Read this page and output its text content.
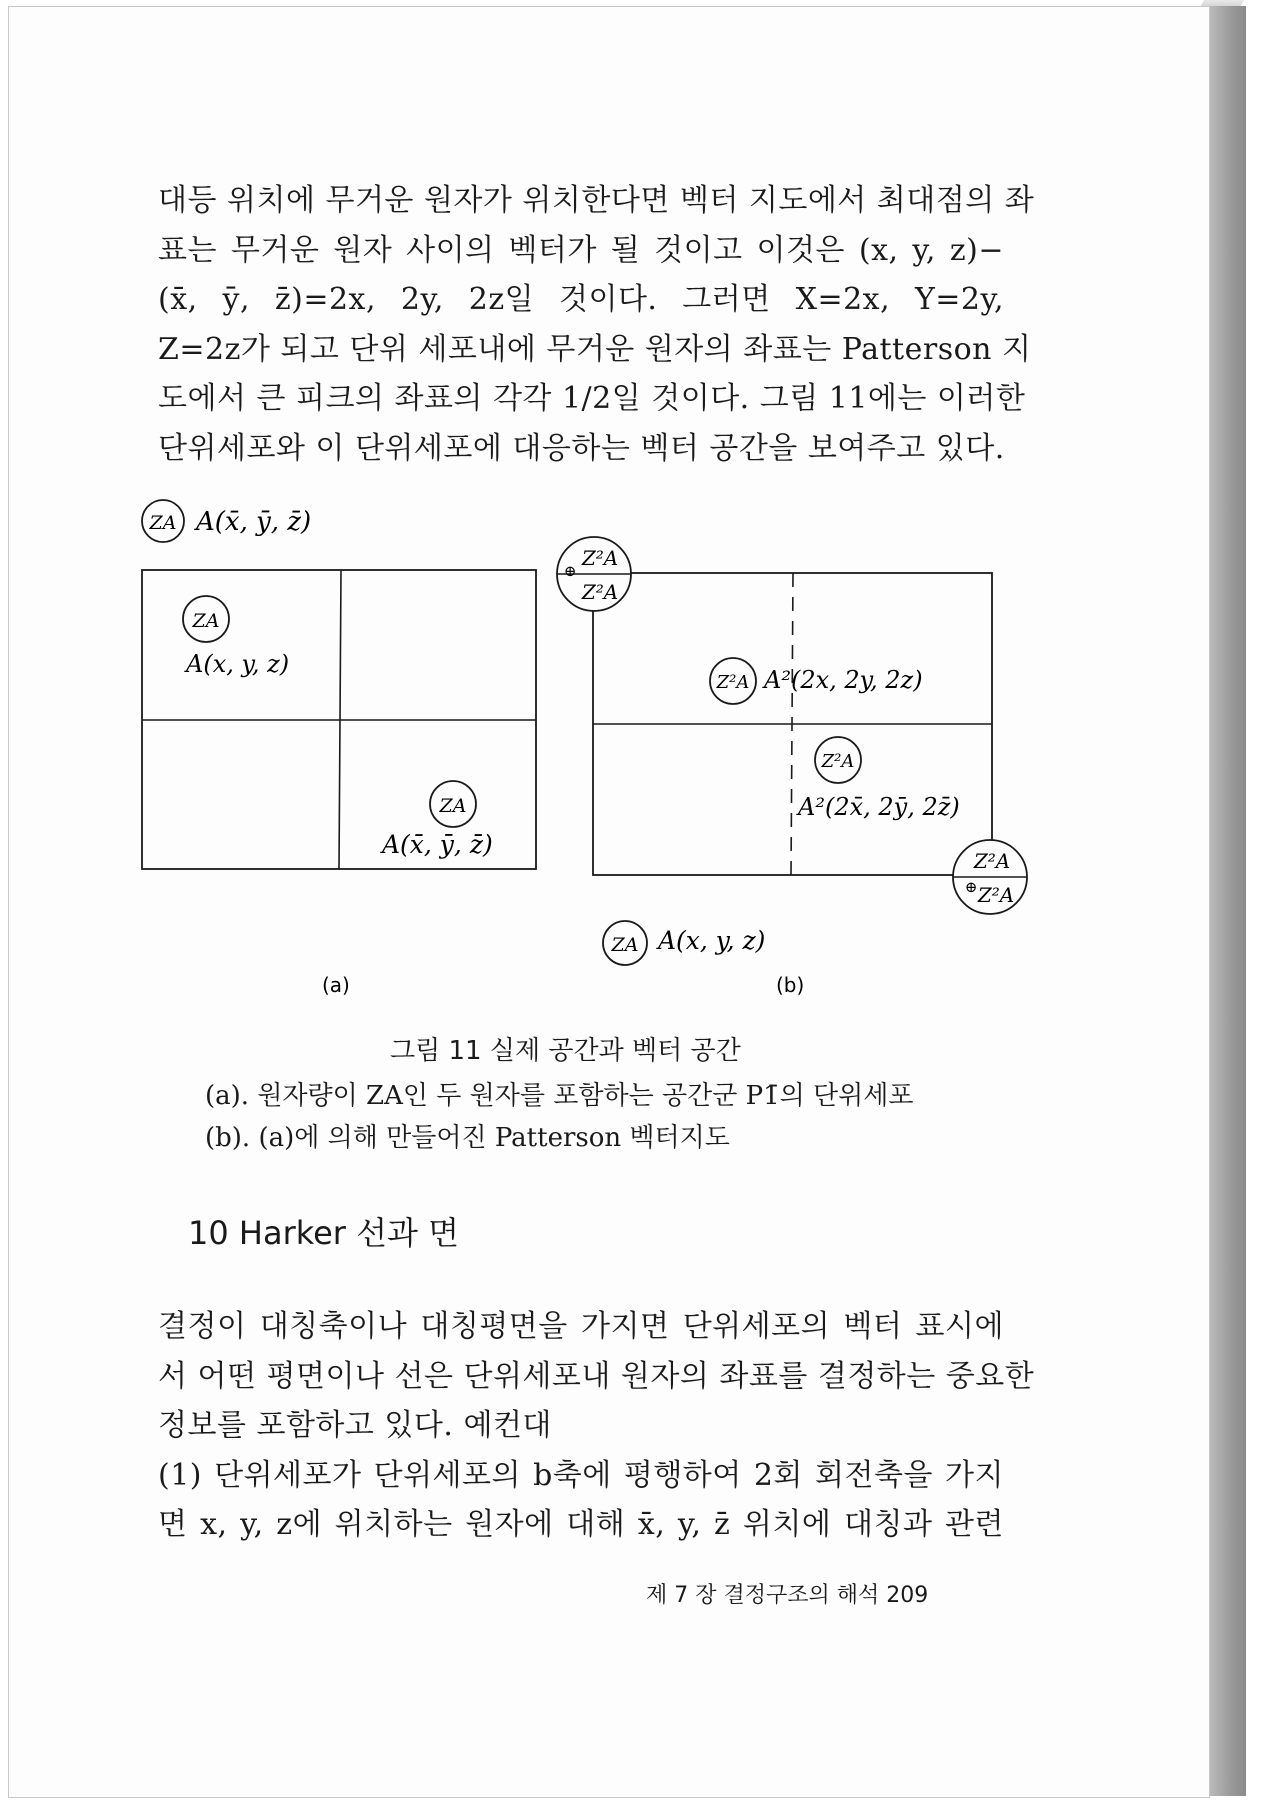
대등 위치에 무거운 원자가 위치한다면 벡터 지도에서 최대점의 좌
표는 무거운 원자 사이의 벡터가 될 것이고 이것은 (x, y, z)−
(x̄, ȳ, z̄)=2x, 2y, 2z일 것이다. 그러면 X=2x, Y=2y,
Z=2z가 되고 단위 세포내에 무거운 원자의 좌표는 Patterson 지
도에서 큰 피크의 좌표의 각각 1/2일 것이다. 그림 11에는 이러한
단위세포와 이 단위세포에 대응하는 벡터 공간을 보여주고 있다.
ZA A(x̄, ȳ, z̄)
ZA
A(x, y, z)
ZA
A(x̄, ȳ, z̄)
(a)
Z²A
Z²A
⊕
Z²A A²(2x, 2y, 2z)
Z²A
A²(2x̄, 2ȳ, 2z̄)
Z²A
Z²A
⊕
ZA A(x, y, z)
(b)
그림 11 실제 공간과 벡터 공간
(a). 원자량이 ZA인 두 원자를 포함하는 공간군 P1̄의 단위세포
(b). (a)에 의해 만들어진 Patterson 벡터지도
10 Harker 선과 면
결정이 대칭축이나 대칭평면을 가지면 단위세포의 벡터 표시에
서 어떤 평면이나 선은 단위세포내 원자의 좌표를 결정하는 중요한
정보를 포함하고 있다. 예컨대
(1) 단위세포가 단위세포의 b축에 평행하여 2회 회전축을 가지
면 x, y, z에 위치하는 원자에 대해 x̄, y, z̄ 위치에 대칭과 관련
제 7 장 결정구조의 해석 209
